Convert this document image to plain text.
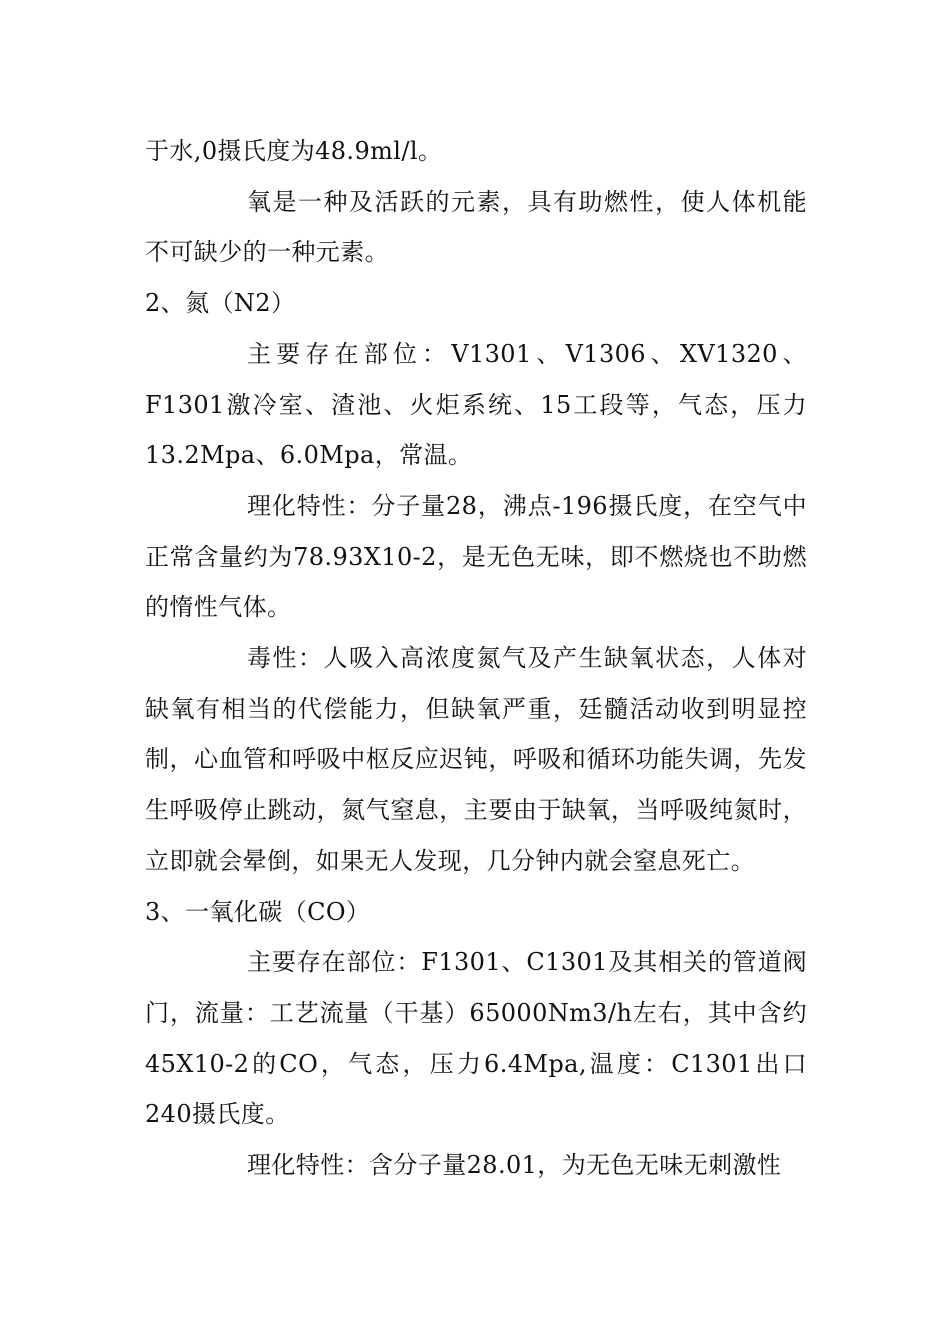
于水,0摄氏度为48.9ml/l。

氧是一种及活跃的元素，具有助燃性，使人体机能不可缺少的一种元素。

2、氮（N2）

主要存在部位：V1301、V1306、XV1320、F1301激冷室、渣池、火炬系统、15工段等，气态，压力13.2Mpa、6.0Mpa，常温。

理化特性：分子量28，沸点-196摄氏度，在空气中正常含量约为78.93X10-2，是无色无味，即不燃烧也不助燃的惰性气体。

毒性：人吸入高浓度氮气及产生缺氧状态，人体对缺氧有相当的代偿能力，但缺氧严重，廷髓活动收到明显控制，心血管和呼吸中枢反应迟钝，呼吸和循环功能失调，先发生呼吸停止跳动，氮气窒息，主要由于缺氧，当呼吸纯氮时，立即就会晕倒，如果无人发现，几分钟内就会窒息死亡。

3、一氧化碳（CO）

主要存在部位：F1301、C1301及其相关的管道阀门，流量：工艺流量（干基）65000Nm3/h左右，其中含约45X10-2的CO，气态，压力6.4Mpa,温度：C1301出口240摄氏度。

理化特性：含分子量28.01，为无色无味无刺激性
